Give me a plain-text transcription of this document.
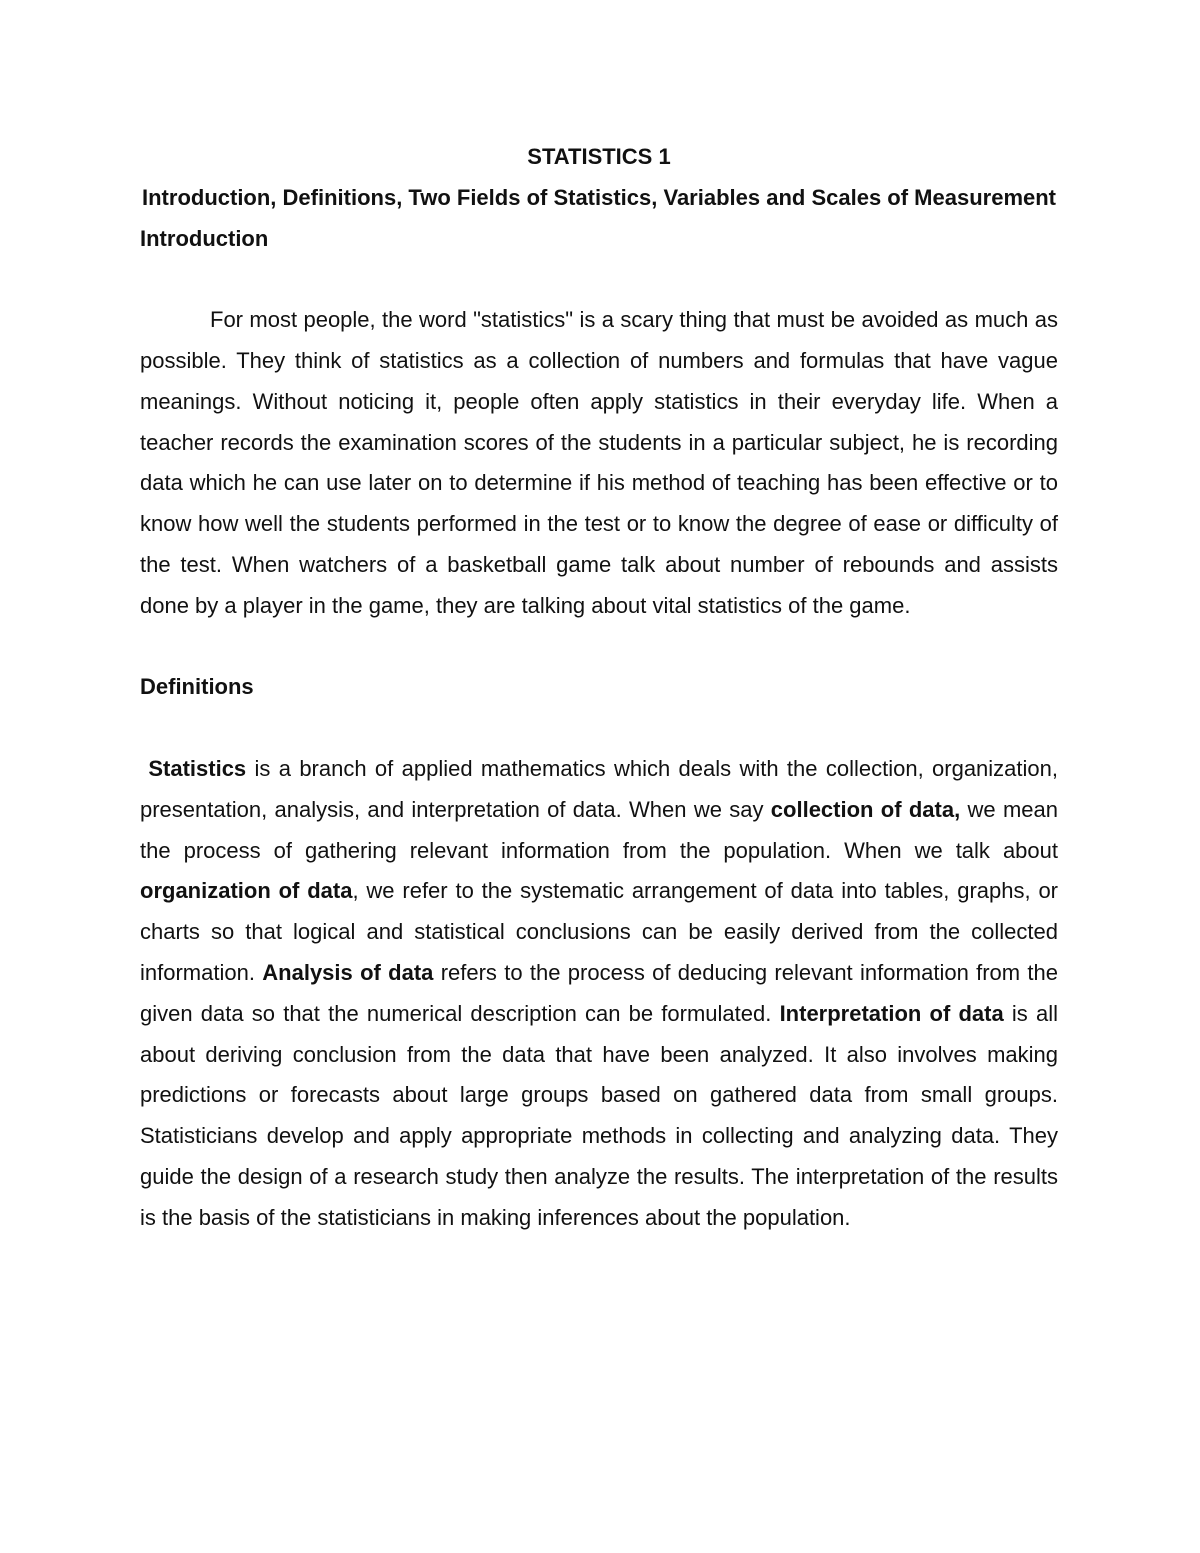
STATISTICS 1
Introduction, Definitions, Two Fields of Statistics, Variables and Scales of Measurement
Introduction

For most people, the word "statistics" is a scary thing that must be avoided as much as possible. They think of statistics as a collection of numbers and formulas that have vague meanings. Without noticing it, people often apply statistics in their everyday life. When a teacher records the examination scores of the students in a particular subject, he is recording data which he can use later on to determine if his method of teaching has been effective or to know how well the students performed in the test or to know the degree of ease or difficulty of the test. When watchers of a basketball game talk about number of rebounds and assists done by a player in the game, they are talking about vital statistics of the game.

Definitions

Statistics is a branch of applied mathematics which deals with the collection, organization, presentation, analysis, and interpretation of data. When we say collection of data, we mean the process of gathering relevant information from the population. When we talk about organization of data, we refer to the systematic arrangement of data into tables, graphs, or charts so that logical and statistical conclusions can be easily derived from the collected information. Analysis of data refers to the process of deducing relevant information from the given data so that the numerical description can be formulated. Interpretation of data is all about deriving conclusion from the data that have been analyzed. It also involves making predictions or forecasts about large groups based on gathered data from small groups. Statisticians develop and apply appropriate methods in collecting and analyzing data. They guide the design of a research study then analyze the results. The interpretation of the results is the basis of the statisticians in making inferences about the population.
